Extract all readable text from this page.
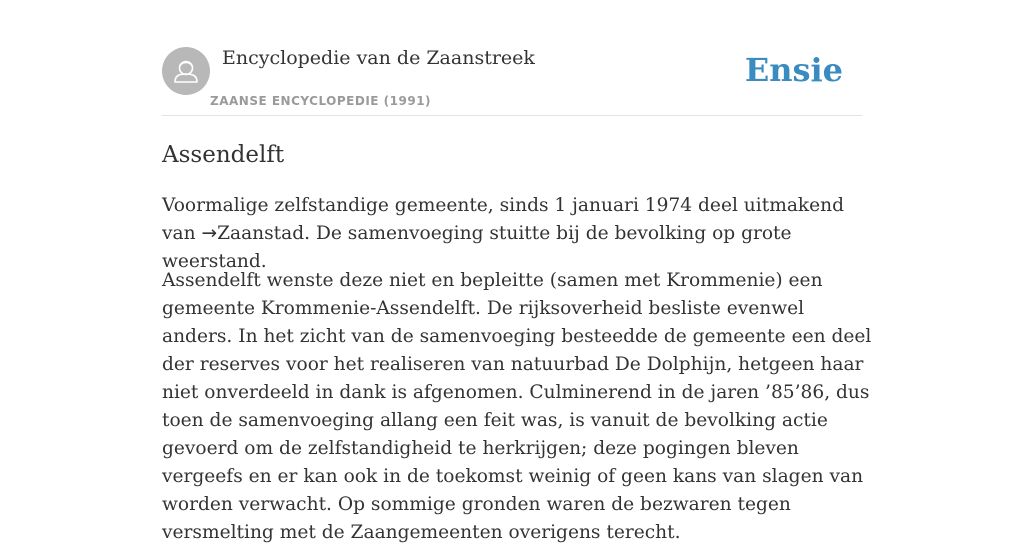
Encyclopedie van de Zaanstreek
ZAANSE ENCYCLOPEDIE (1991)
Ensie
Assendelft

Voormalige zelfstandige gemeente, sinds 1 januari 1974 deel uitmakend van →Zaanstad. De samenvoeging stuitte bij de bevolking op grote weerstand.

Assendelft wenste deze niet en bepleitte (samen met Krommenie) een gemeente Krommenie-Assendelft. De rijksoverheid besliste evenwel anders. In het zicht van de samenvoeging besteedde de gemeente een deel der reserves voor het realiseren van natuurbad De Dolphijn, hetgeen haar niet onverdeeld in dank is afgenomen. Culminerend in de jaren ’85’86, dus toen de samenvoeging allang een feit was, is vanuit de bevolking actie gevoerd om de zelfstandigheid te herkrijgen; deze pogingen bleven vergeefs en er kan ook in de toekomst weinig of geen kans van slagen van worden verwacht. Op sommige gronden waren de bezwaren tegen versmelting met de Zaangemeenten overigens terecht.
